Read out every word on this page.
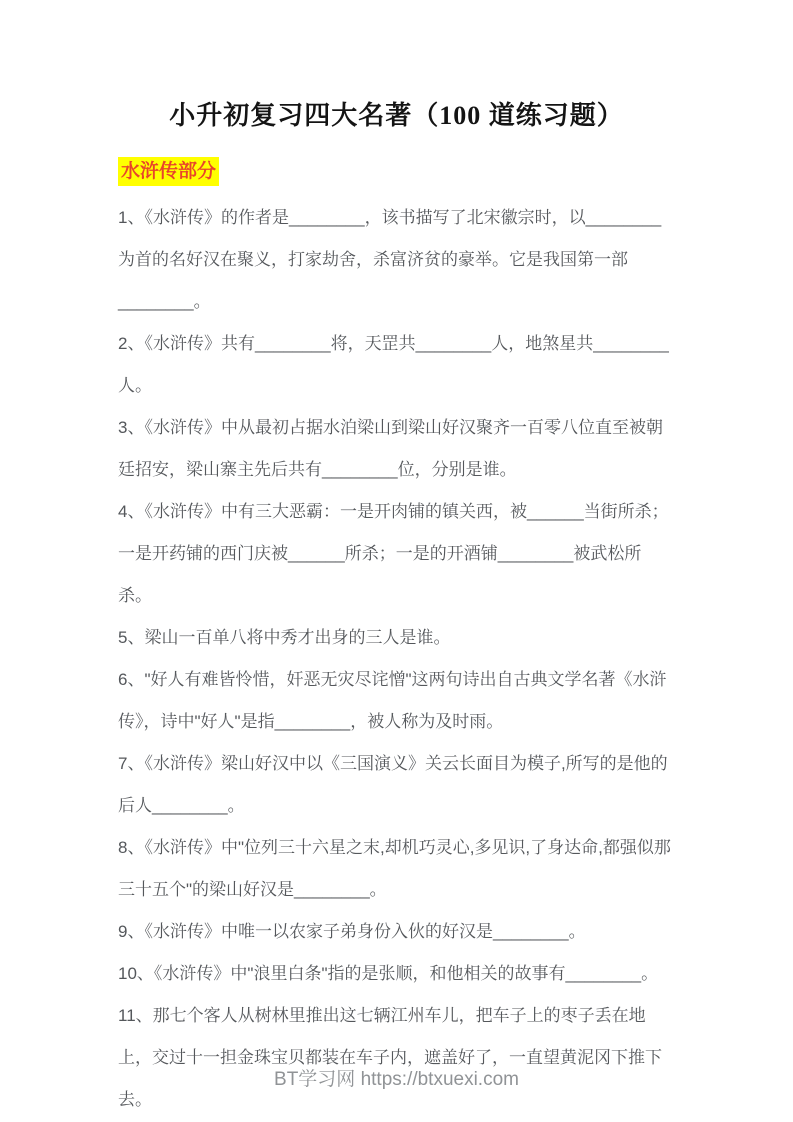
小升初复习四大名著（100 道练习题）
水浒传部分

1、《水浒传》的作者是________，该书描写了北宋徽宗时，以________为首的名好汉在聚义，打家劫舍，杀富济贫的豪举。它是我国第一部________。

2、《水浒传》共有________将，天罡共________人，地煞星共________人。

3、《水浒传》中从最初占据水泊梁山到梁山好汉聚齐一百零八位直至被朝廷招安，梁山寨主先后共有________位，分别是谁。

4、《水浒传》中有三大恶霸：一是开肉铺的镇关西，被______当街所杀；一是开药铺的西门庆被______所杀；一是的开酒铺________被武松所杀。

5、梁山一百单八将中秀才出身的三人是谁。

6、"好人有难皆怜惜，奸恶无灾尽诧憎"这两句诗出自古典文学名著《水浒传》，诗中"好人"是指________，被人称为及时雨。

7、《水浒传》梁山好汉中以《三国演义》关云长面目为模子,所写的是他的后人________。

8、《水浒传》中"位列三十六星之末,却机巧灵心,多见识,了身达命,都强似那三十五个"的梁山好汉是________。

9、《水浒传》中唯一以农家子弟身份入伙的好汉是________。

10、《水浒传》中"浪里白条"指的是张顺，和他相关的故事有________。

11、那七个客人从树林里推出这七辆江州车儿，把车子上的枣子丢在地上，交过十一担金珠宝贝都装在车子内，遮盖好了，一直望黄泥冈下推下去。

BT学习网 https://btxuexi.com
